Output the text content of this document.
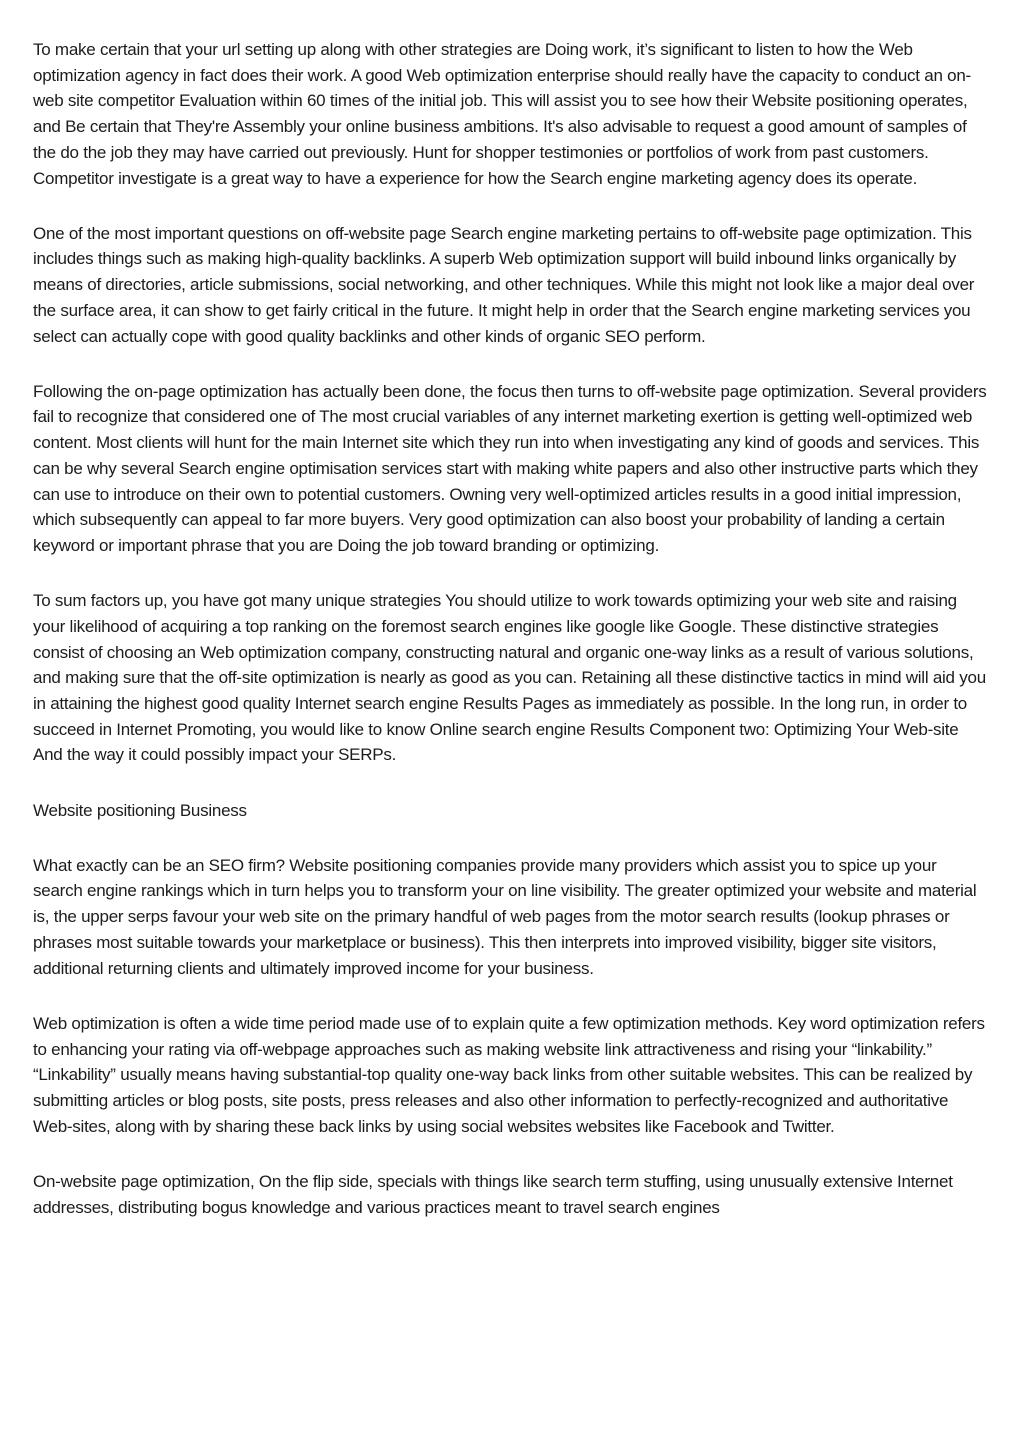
To make certain that your url setting up along with other strategies are Doing work, it’s significant to listen to how the Web optimization agency in fact does their work. A good Web optimization enterprise should really have the capacity to conduct an on-web site competitor Evaluation within 60 times of the initial job. This will assist you to see how their Website positioning operates, and Be certain that They're Assembly your online business ambitions. It's also advisable to request a good amount of samples of the do the job they may have carried out previously. Hunt for shopper testimonies or portfolios of work from past customers. Competitor investigate is a great way to have a experience for how the Search engine marketing agency does its operate.

One of the most important questions on off-website page Search engine marketing pertains to off-website page optimization. This includes things such as making high-quality backlinks. A superb Web optimization support will build inbound links organically by means of directories, article submissions, social networking, and other techniques. While this might not look like a major deal over the surface area, it can show to get fairly critical in the future. It might help in order that the Search engine marketing services you select can actually cope with good quality backlinks and other kinds of organic SEO perform.

Following the on-page optimization has actually been done, the focus then turns to off-website page optimization. Several providers fail to recognize that considered one of The most crucial variables of any internet marketing exertion is getting well-optimized web content. Most clients will hunt for the main Internet site which they run into when investigating any kind of goods and services. This can be why several Search engine optimisation services start with making white papers and also other instructive parts which they can use to introduce on their own to potential customers. Owning very well-optimized articles results in a good initial impression, which subsequently can appeal to far more buyers. Very good optimization can also boost your probability of landing a certain keyword or important phrase that you are Doing the job toward branding or optimizing.

To sum factors up, you have got many unique strategies You should utilize to work towards optimizing your web site and raising your likelihood of acquiring a top ranking on the foremost search engines like google like Google. These distinctive strategies consist of choosing an Web optimization company, constructing natural and organic one-way links as a result of various solutions, and making sure that the off-site optimization is nearly as good as you can. Retaining all these distinctive tactics in mind will aid you in attaining the highest good quality Internet search engine Results Pages as immediately as possible. In the long run, in order to succeed in Internet Promoting, you would like to know Online search engine Results Component two: Optimizing Your Web-site And the way it could possibly impact your SERPs.

Website positioning Business

What exactly can be an SEO firm? Website positioning companies provide many providers which assist you to spice up your search engine rankings which in turn helps you to transform your on line visibility. The greater optimized your website and material is, the upper serps favour your web site on the primary handful of web pages from the motor search results (lookup phrases or phrases most suitable towards your marketplace or business). This then interprets into improved visibility, bigger site visitors, additional returning clients and ultimately improved income for your business.

Web optimization is often a wide time period made use of to explain quite a few optimization methods. Key word optimization refers to enhancing your rating via off-webpage approaches such as making website link attractiveness and rising your “linkability.” “Linkability” usually means having substantial-top quality one-way back links from other suitable websites. This can be realized by submitting articles or blog posts, site posts, press releases and also other information to perfectly-recognized and authoritative Web-sites, along with by sharing these back links by using social websites websites like Facebook and Twitter.

On-website page optimization, On the flip side, specials with things like search term stuffing, using unusually extensive Internet addresses, distributing bogus knowledge and various practices meant to travel search engines
